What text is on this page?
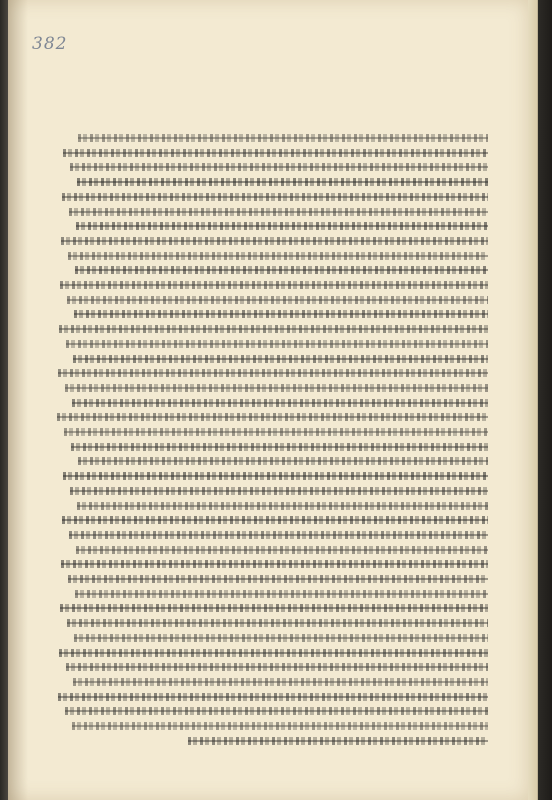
382
